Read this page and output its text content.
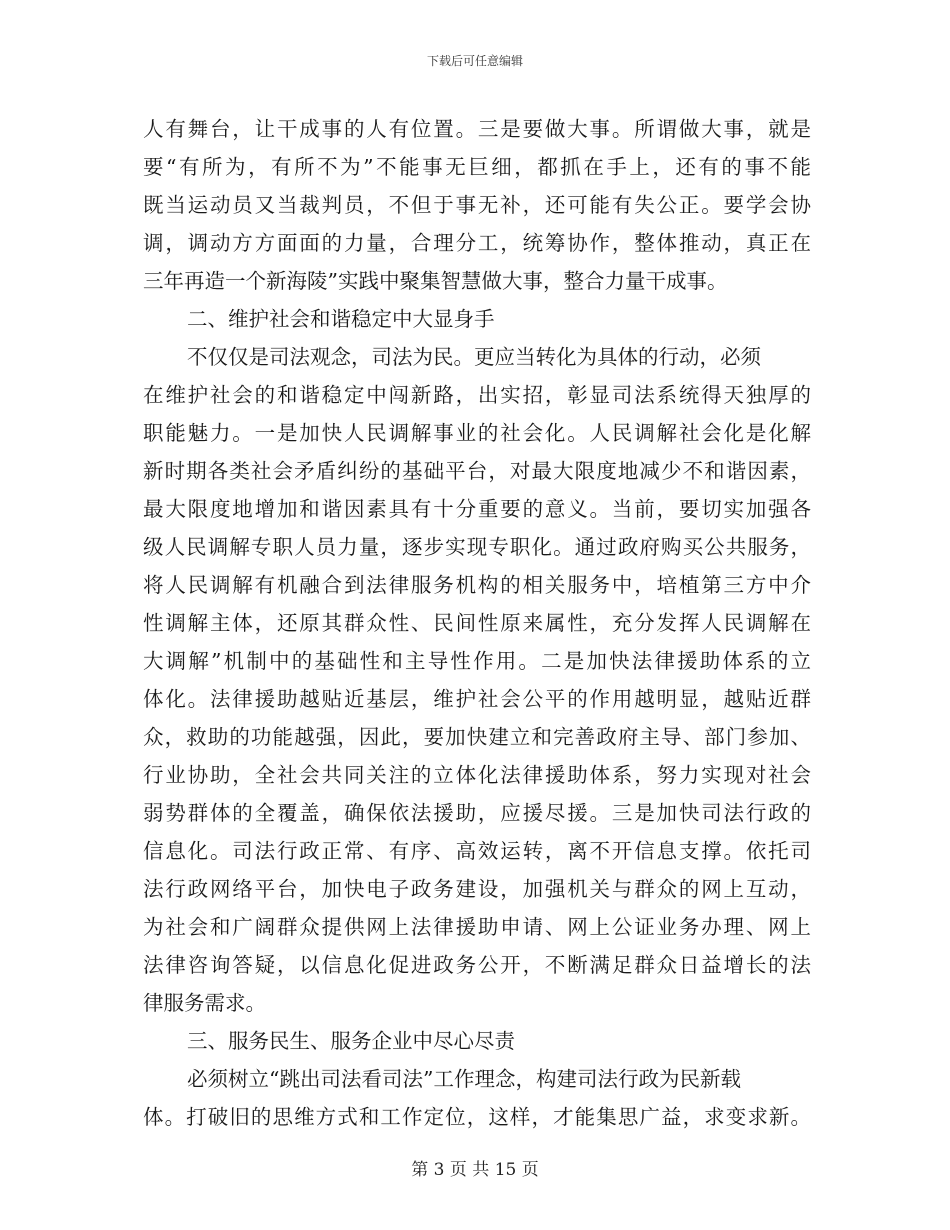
下载后可任意编辑
人有舞台，让干成事的人有位置。三是要做大事。所谓做大事，就是
要“有所为，有所不为”不能事无巨细，都抓在手上，还有的事不能
既当运动员又当裁判员，不但于事无补，还可能有失公正。要学会协
调，调动方方面面的力量，合理分工，统筹协作，整体推动，真正在
三年再造一个新海陵”实践中聚集智慧做大事，整合力量干成事。
二、维护社会和谐稳定中大显身手
不仅仅是司法观念，司法为民。更应当转化为具体的行动，必须
在维护社会的和谐稳定中闯新路，出实招，彰显司法系统得天独厚的
职能魅力。一是加快人民调解事业的社会化。人民调解社会化是化解
新时期各类社会矛盾纠纷的基础平台，对最大限度地减少不和谐因素，
最大限度地增加和谐因素具有十分重要的意义。当前，要切实加强各
级人民调解专职人员力量，逐步实现专职化。通过政府购买公共服务，
将人民调解有机融合到法律服务机构的相关服务中，培植第三方中介
性调解主体，还原其群众性、民间性原来属性，充分发挥人民调解在
大调解”机制中的基础性和主导性作用。二是加快法律援助体系的立
体化。法律援助越贴近基层，维护社会公平的作用越明显，越贴近群
众，救助的功能越强，因此，要加快建立和完善政府主导、部门参加、
行业协助，全社会共同关注的立体化法律援助体系，努力实现对社会
弱势群体的全覆盖，确保依法援助，应援尽援。三是加快司法行政的
信息化。司法行政正常、有序、高效运转，离不开信息支撑。依托司
法行政网络平台，加快电子政务建设，加强机关与群众的网上互动，
为社会和广阔群众提供网上法律援助申请、网上公证业务办理、网上
法律咨询答疑，以信息化促进政务公开，不断满足群众日益增长的法
律服务需求。
三、服务民生、服务企业中尽心尽责
必须树立“跳出司法看司法”工作理念，构建司法行政为民新载
体。打破旧的思维方式和工作定位，这样，才能集思广益，求变求新。
第 3 页 共 15 页
